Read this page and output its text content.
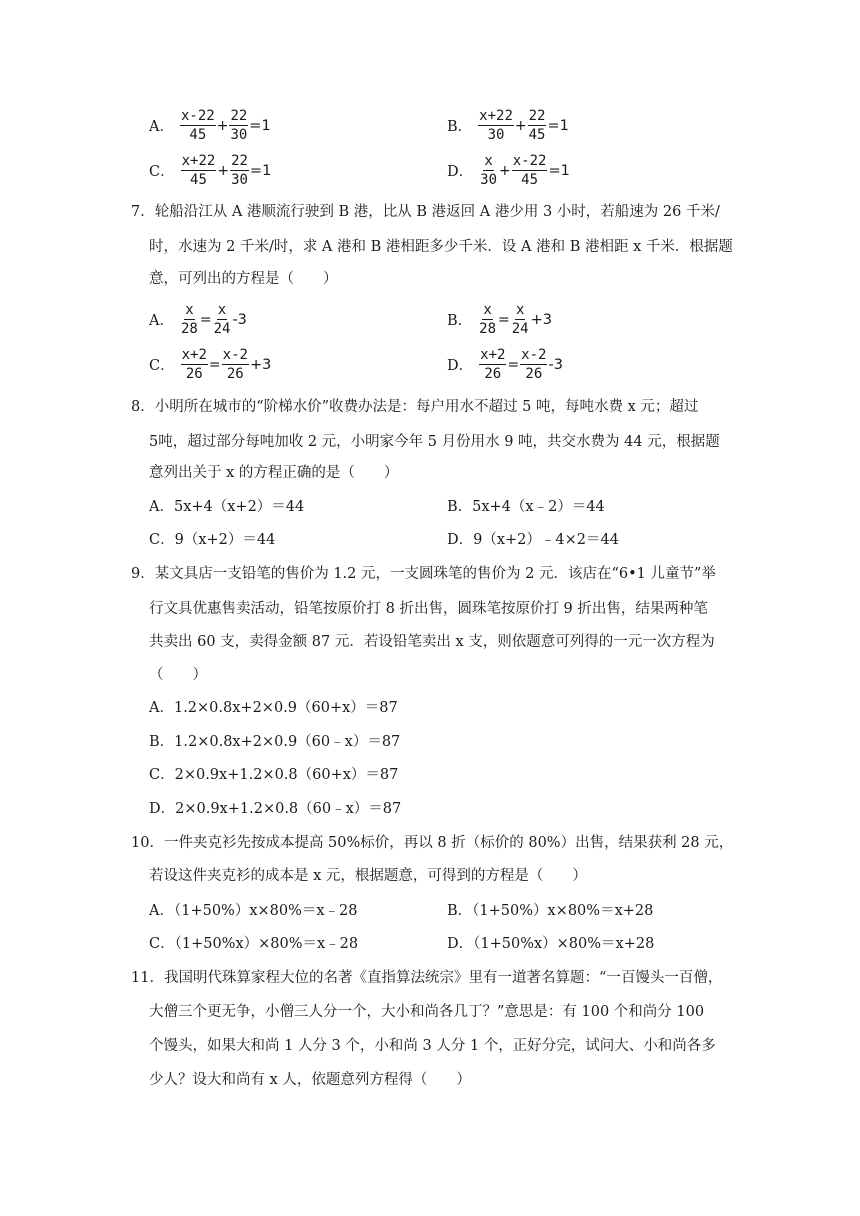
A． $\frac{x-22}{45} + \frac{22}{30} =1$	B． $\frac{x+22}{30} + \frac{22}{45} =1$
C． $\frac{x+22}{45} + \frac{22}{30} =1$	D． $\frac{x}{30} + \frac{x-22}{45} =1$
7．轮船沿江从 A 港顺流行驶到 B 港，比从 B 港返回 A 港少用 3 小时，若船速为 26 千米/
时，水速为 2 千米/时，求 A 港和 B 港相距多少千米．设 A 港和 B 港相距 x 千米．根据题
意，可列出的方程是（　　）
A． $\frac{x}{28} = \frac{x}{24} -3$	B． $\frac{x}{28} = \frac{x}{24} +3$
C． $\frac{x+2}{26} = \frac{x-2}{26} +3$	D． $\frac{x+2}{26} = \frac{x-2}{26} -3$
8．小明所在城市的“阶梯水价”收费办法是：每户用水不超过 5 吨，每吨水费 x 元；超过
5吨，超过部分每吨加收 2 元，小明家今年 5 月份用水 9 吨，共交水费为 44 元，根据题
意列出关于 x 的方程正确的是（　　）
A．5x+4（x+2）＝44	B．5x+4（x﹣2）＝44
C．9（x+2）＝44	D．9（x+2）﹣4×2＝44
9．某文具店一支铅笔的售价为 1.2 元，一支圆珠笔的售价为 2 元．该店在“6•1 儿童节”举
行文具优惠售卖活动，铅笔按原价打 8 折出售，圆珠笔按原价打 9 折出售，结果两种笔
共卖出 60 支，卖得金额 87 元．若设铅笔卖出 x 支，则依题意可列得的一元一次方程为
（　　）
A．1.2×0.8x+2×0.9（60+x）＝87
B．1.2×0.8x+2×0.9（60﹣x）＝87
C．2×0.9x+1.2×0.8（60+x）＝87
D．2×0.9x+1.2×0.8（60﹣x）＝87
10．一件夹克衫先按成本提高 50%标价，再以 8 折（标价的 80%）出售，结果获利 28 元，
若设这件夹克衫的成本是 x 元，根据题意，可得到的方程是（　　）
A．（1+50%）x×80%＝x﹣28	B．（1+50%）x×80%＝x+28
C．（1+50%x）×80%＝x﹣28	D．（1+50%x）×80%＝x+28
11．我国明代珠算家程大位的名著《直指算法统宗》里有一道著名算题：“一百馒头一百僧，
大僧三个更无争，小僧三人分一个，大小和尚各几丁？”意思是：有 100 个和尚分 100
个馒头，如果大和尚 1 人分 3 个，小和尚 3 人分 1 个，正好分完，试问大、小和尚各多
少人？设大和尚有 x 人，依题意列方程得（　　）
